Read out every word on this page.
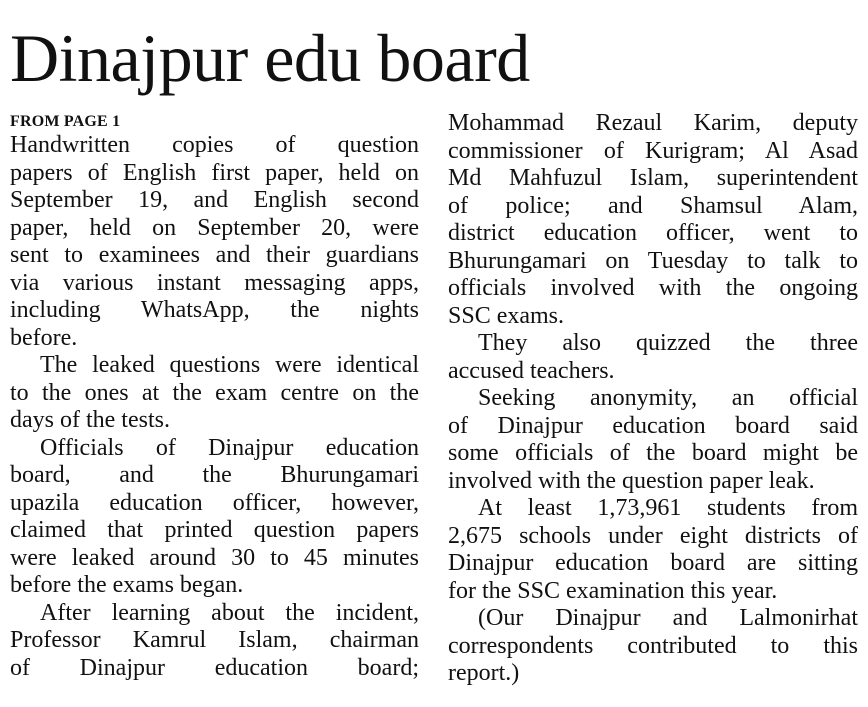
Dinajpur edu board
FROM PAGE 1
Handwritten copies of question
papers of English first paper, held on
September 19, and English second
paper, held on September 20, were
sent to examinees and their guardians
via various instant messaging apps,
including WhatsApp, the nights
before.
The leaked questions were identical
to the ones at the exam centre on the
days of the tests.
Officials of Dinajpur education
board, and the Bhurungamari
upazila education officer, however,
claimed that printed question papers
were leaked around 30 to 45 minutes
before the exams began.
After learning about the incident,
Professor Kamrul Islam, chairman
of Dinajpur education board;
Mohammad Rezaul Karim, deputy
commissioner of Kurigram; Al Asad
Md Mahfuzul Islam, superintendent
of police; and Shamsul Alam,
district education officer, went to
Bhurungamari on Tuesday to talk to
officials involved with the ongoing
SSC exams.
They also quizzed the three
accused teachers.
Seeking anonymity, an official
of Dinajpur education board said
some officials of the board might be
involved with the question paper leak.
At least 1,73,961 students from
2,675 schools under eight districts of
Dinajpur education board are sitting
for the SSC examination this year.
(Our Dinajpur and Lalmonirhat
correspondents contributed to this
report.)
